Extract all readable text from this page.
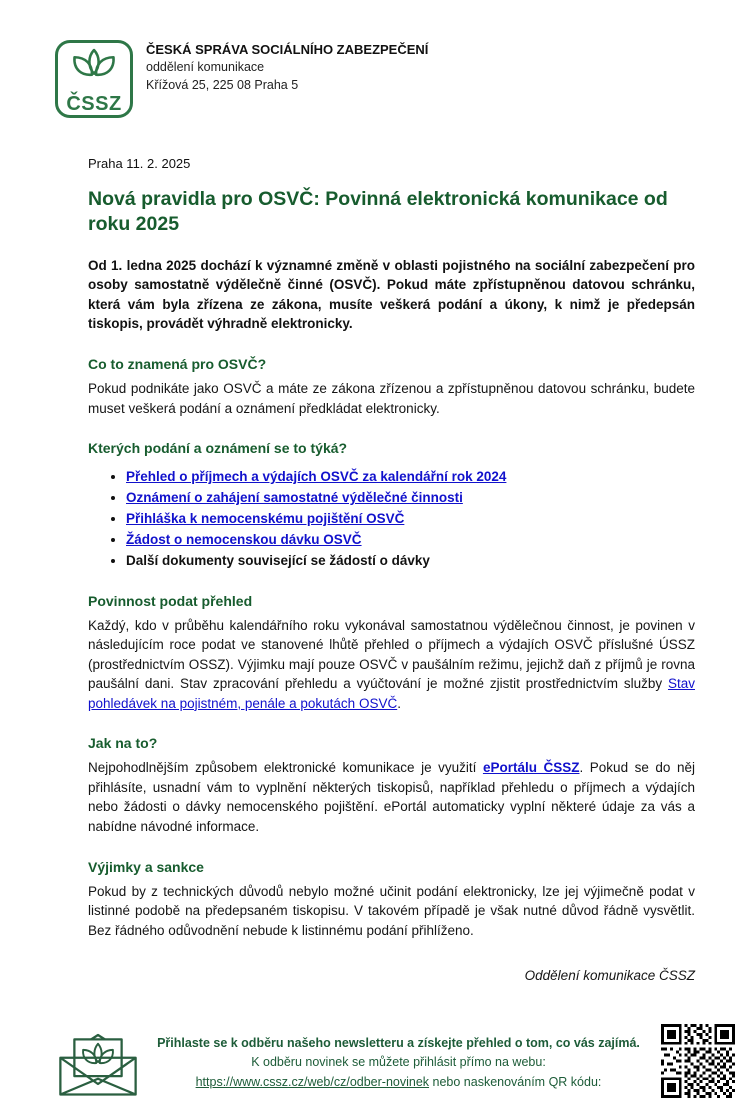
ČSSZ
ČESKÁ SPRÁVA SOCIÁLNÍHO ZABEZPEČENÍ
oddělení komunikace
Křížová 25, 225 08 Praha 5
Praha 11. 2. 2025
Nová pravidla pro OSVČ: Povinná elektronická komunikace od roku 2025

Od 1. ledna 2025 dochází k významné změně v oblasti pojistného na sociální zabezpečení pro osoby samostatně výdělečně činné (OSVČ). Pokud máte zpřístupněnou datovou schránku, která vám byla zřízena ze zákona, musíte veškerá podání a úkony, k nimž je předepsán tiskopis, provádět výhradně elektronicky.

Co to znamená pro OSVČ?

Pokud podnikáte jako OSVČ a máte ze zákona zřízenou a zpřístupněnou datovou schránku, budete muset veškerá podání a oznámení předkládat elektronicky.

Kterých podání a oznámení se to týká?
• Přehled o příjmech a výdajích OSVČ za kalendářní rok 2024
• Oznámení o zahájení samostatné výdělečné činnosti
• Přihláška k nemocenskému pojištění OSVČ
• Žádost o nemocenskou dávku OSVČ
• Další dokumenty související se žádostí o dávky
Povinnost podat přehled

Každý, kdo v průběhu kalendářního roku vykonával samostatnou výdělečnou činnost, je povinen v následujícím roce podat ve stanovené lhůtě přehled o příjmech a výdajích OSVČ příslušné ÚSSZ (prostřednictvím OSSZ). Výjimku mají pouze OSVČ v paušálním režimu, jejichž daň z příjmů je rovna paušální dani. Stav zpracování přehledu a vyúčtování je možné zjistit prostřednictvím služby Stav pohledávek na pojistném, penále a pokutách OSVČ.

Jak na to?

Nejpohodlnějším způsobem elektronické komunikace je využití ePortálu ČSSZ. Pokud se do něj přihlásíte, usnadní vám to vyplnění některých tiskopisů, například přehledu o příjmech a výdajích nebo žádosti o dávky nemocenského pojištění. ePortál automaticky vyplní některé údaje za vás a nabídne návodné informace.

Výjimky a sankce

Pokud by z technických důvodů nebylo možné učinit podání elektronicky, lze jej výjimečně podat v listinné podobě na předepsaném tiskopisu. V takovém případě je však nutné důvod řádně vysvětlit. Bez řádného odůvodnění nebude k listinnému podání přihlíženo.

Oddělení komunikace ČSSZ
Přihlaste se k odběru našeho newsletteru a získejte přehled o tom, co vás zajímá.
K odběru novinek se můžete přihlásit přímo na webu:
https://www.cssz.cz/web/cz/odber-novinek nebo naskenováním QR kódu:
